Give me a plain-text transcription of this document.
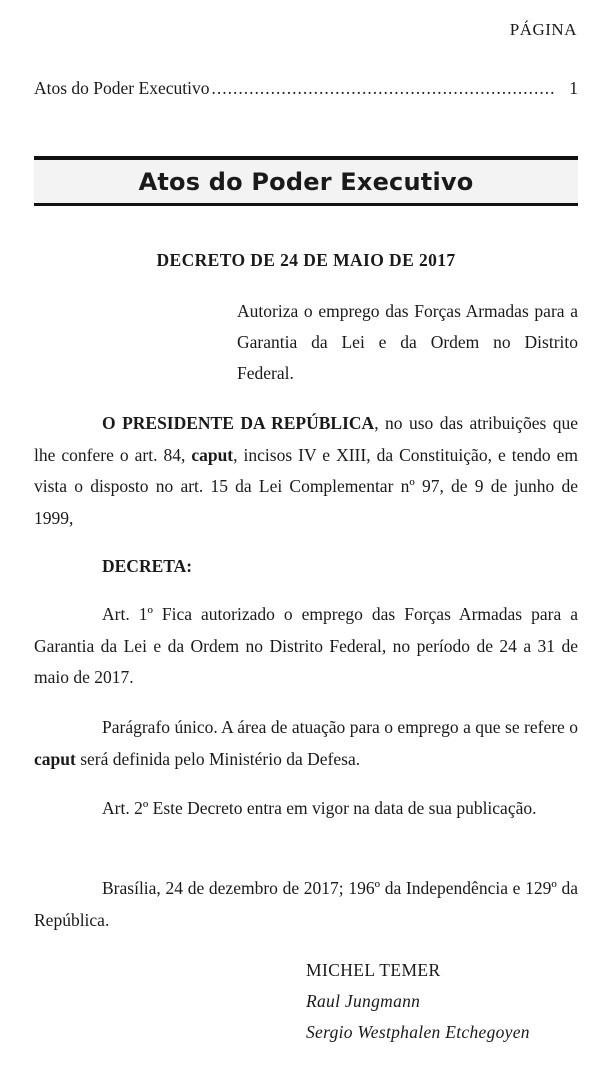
PÁGINA
Atos do Poder Executivo
.....	1
Atos do Poder Executivo
DECRETO DE 24 DE MAIO DE 2017
Autoriza o emprego das Forças Armadas para a Garantia da Lei e da Ordem no Distrito Federal.
O PRESIDENTE DA REPÚBLICA, no uso das atribuições que lhe confere o art. 84, caput, incisos IV e XIII, da Constituição, e tendo em vista o disposto no art. 15 da Lei Complementar nº 97, de 9 de junho de 1999,
DECRETA:
Art. 1º Fica autorizado o emprego das Forças Armadas para a Garantia da Lei e da Ordem no Distrito Federal, no período de 24 a 31 de maio de 2017.
Parágrafo único. A área de atuação para o emprego a que se refere o caput será definida pelo Ministério da Defesa.
Art. 2º Este Decreto entra em vigor na data de sua publicação.
Brasília, 24 de dezembro de 2017; 196º da Independência e 129º da República.
MICHEL TEMER
Raul Jungmann
Sergio Westphalen Etchegoyen
